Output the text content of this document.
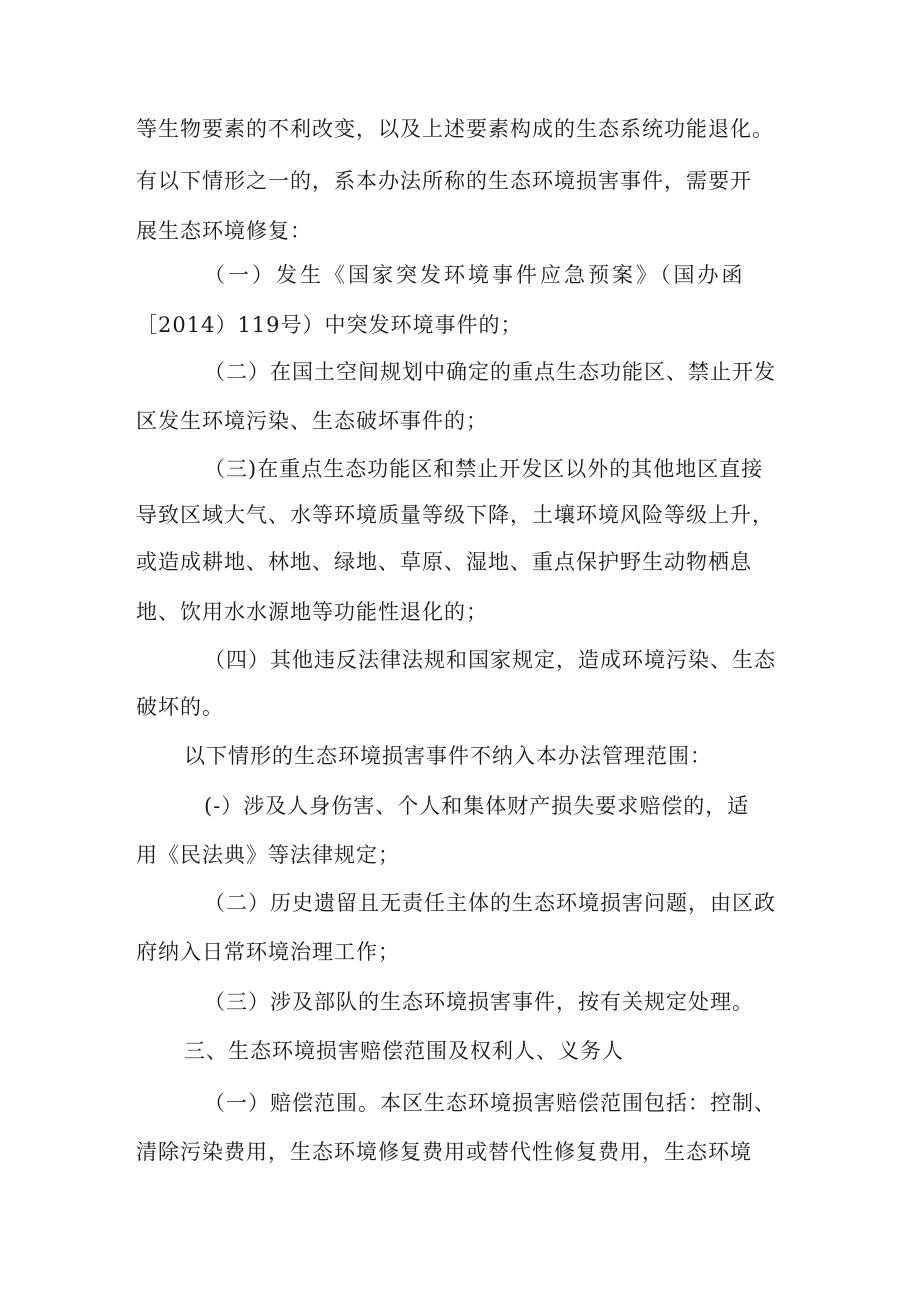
等生物要素的不利改变，以及上述要素构成的生态系统功能退化。
有以下情形之一的，系本办法所称的生态环境损害事件，需要开
展生态环境修复：
（一）发生《国家突发环境事件应急预案》（国办函
［2014）119号）中突发环境事件的；
（二）在国土空间规划中确定的重点生态功能区、禁止开发
区发生环境污染、生态破坏事件的；
（三)在重点生态功能区和禁止开发区以外的其他地区直接
导致区域大气、水等环境质量等级下降，土壤环境风险等级上升，
或造成耕地、林地、绿地、草原、湿地、重点保护野生动物栖息
地、饮用水水源地等功能性退化的；
（四）其他违反法律法规和国家规定，造成环境污染、生态
破坏的。
以下情形的生态环境损害事件不纳入本办法管理范围：
(-）涉及人身伤害、个人和集体财产损失要求赔偿的，适
用《民法典》等法律规定；
（二）历史遗留且无责任主体的生态环境损害问题，由区政
府纳入日常环境治理工作；
（三）涉及部队的生态环境损害事件，按有关规定处理。
三、生态环境损害赔偿范围及权利人、义务人
（一）赔偿范围。本区生态环境损害赔偿范围包括：控制、
清除污染费用，生态环境修复费用或替代性修复费用，生态环境
